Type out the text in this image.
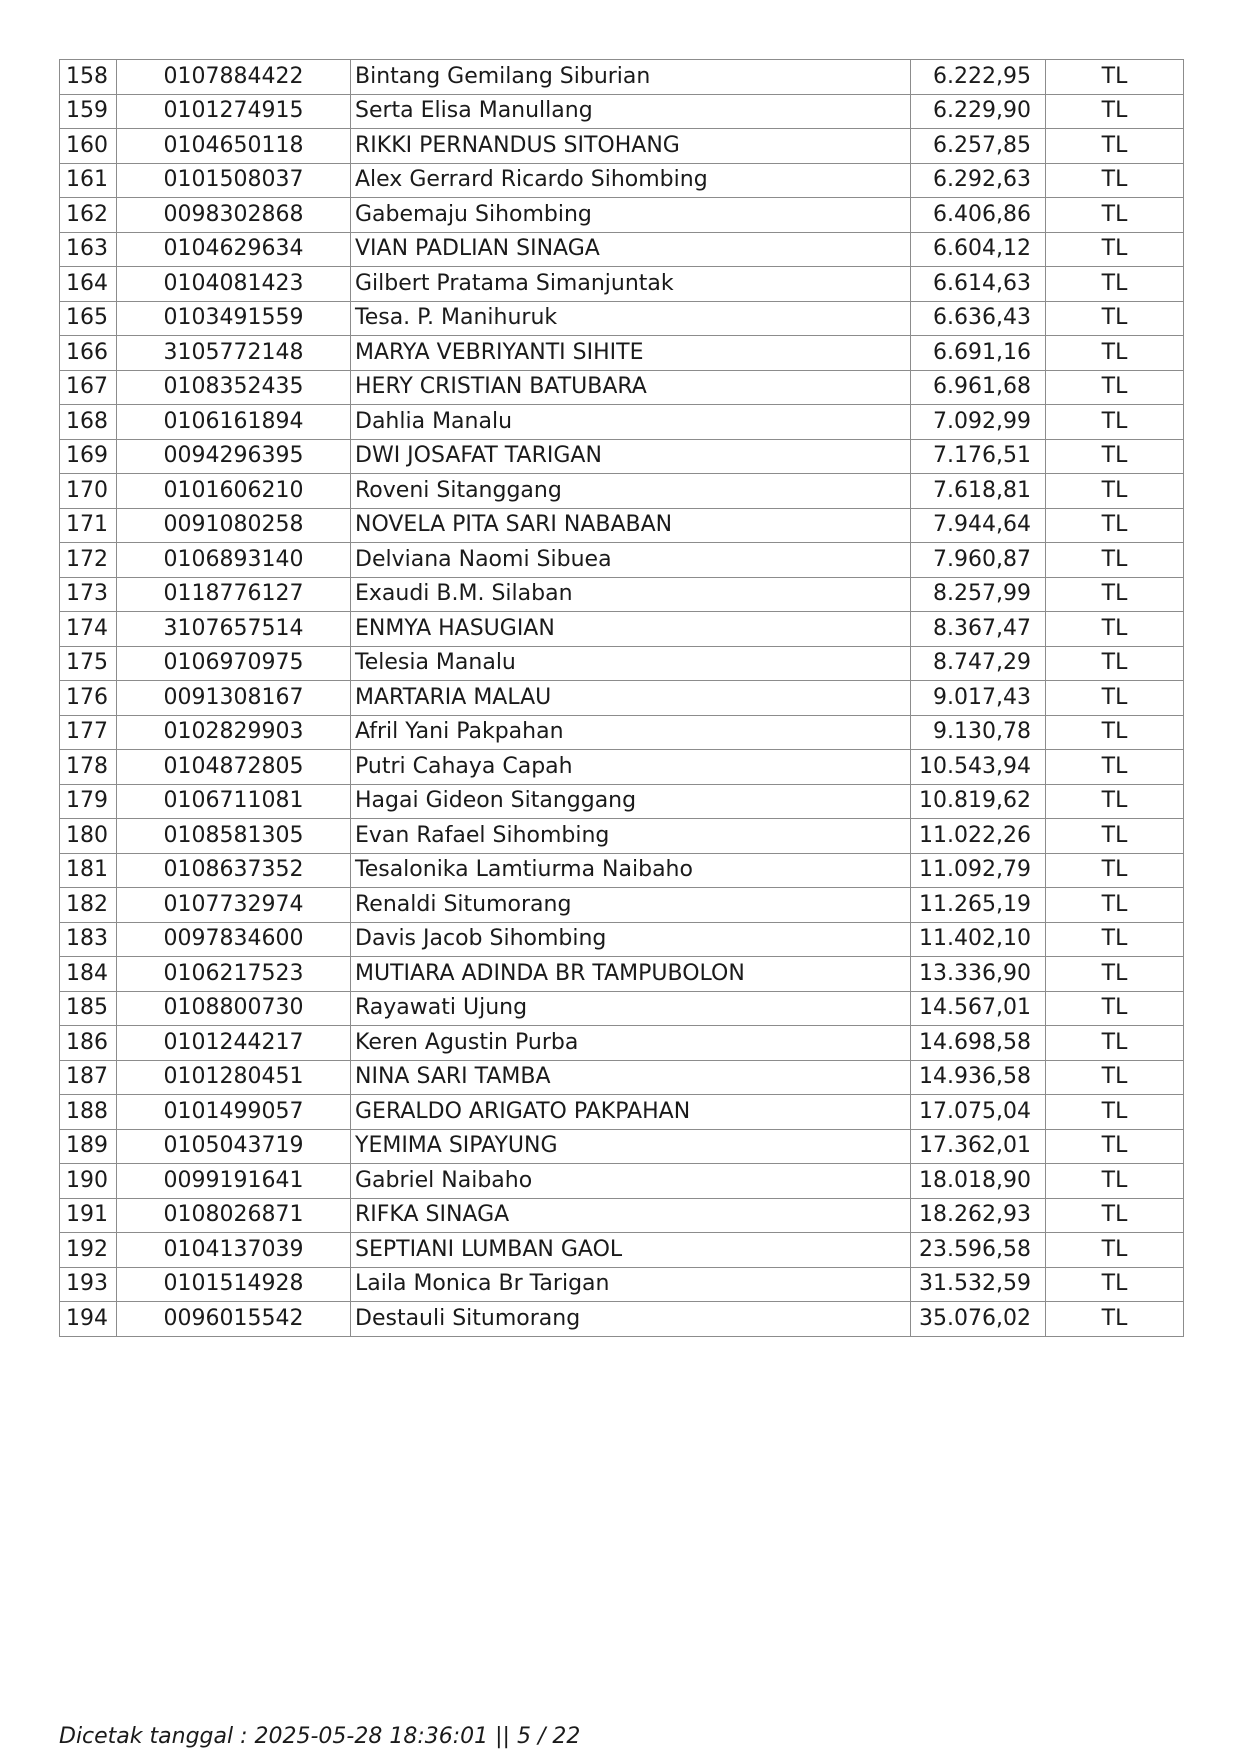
158	0107884422	Bintang Gemilang Siburian	6.222,95	TL
159	0101274915	Serta Elisa Manullang	6.229,90	TL
160	0104650118	RIKKI PERNANDUS SITOHANG	6.257,85	TL
161	0101508037	Alex Gerrard Ricardo Sihombing	6.292,63	TL
162	0098302868	Gabemaju Sihombing	6.406,86	TL
163	0104629634	VIAN PADLIAN SINAGA	6.604,12	TL
164	0104081423	Gilbert Pratama Simanjuntak	6.614,63	TL
165	0103491559	Tesa. P. Manihuruk	6.636,43	TL
166	3105772148	MARYA VEBRIYANTI SIHITE	6.691,16	TL
167	0108352435	HERY CRISTIAN BATUBARA	6.961,68	TL
168	0106161894	Dahlia Manalu	7.092,99	TL
169	0094296395	DWI JOSAFAT TARIGAN	7.176,51	TL
170	0101606210	Roveni Sitanggang	7.618,81	TL
171	0091080258	NOVELA PITA SARI NABABAN	7.944,64	TL
172	0106893140	Delviana Naomi Sibuea	7.960,87	TL
173	0118776127	Exaudi B.M. Silaban	8.257,99	TL
174	3107657514	ENMYA HASUGIAN	8.367,47	TL
175	0106970975	Telesia Manalu	8.747,29	TL
176	0091308167	MARTARIA MALAU	9.017,43	TL
177	0102829903	Afril Yani Pakpahan	9.130,78	TL
178	0104872805	Putri Cahaya Capah	10.543,94	TL
179	0106711081	Hagai Gideon Sitanggang	10.819,62	TL
180	0108581305	Evan Rafael Sihombing	11.022,26	TL
181	0108637352	Tesalonika Lamtiurma Naibaho	11.092,79	TL
182	0107732974	Renaldi Situmorang	11.265,19	TL
183	0097834600	Davis Jacob Sihombing	11.402,10	TL
184	0106217523	MUTIARA ADINDA BR TAMPUBOLON	13.336,90	TL
185	0108800730	Rayawati Ujung	14.567,01	TL
186	0101244217	Keren Agustin Purba	14.698,58	TL
187	0101280451	NINA SARI TAMBA	14.936,58	TL
188	0101499057	GERALDO ARIGATO PAKPAHAN	17.075,04	TL
189	0105043719	YEMIMA SIPAYUNG	17.362,01	TL
190	0099191641	Gabriel Naibaho	18.018,90	TL
191	0108026871	RIFKA SINAGA	18.262,93	TL
192	0104137039	SEPTIANI LUMBAN GAOL	23.596,58	TL
193	0101514928	Laila Monica Br Tarigan	31.532,59	TL
194	0096015542	Destauli Situmorang	35.076,02	TL
Dicetak tanggal : 2025-05-28 18:36:01 || 5 / 22
